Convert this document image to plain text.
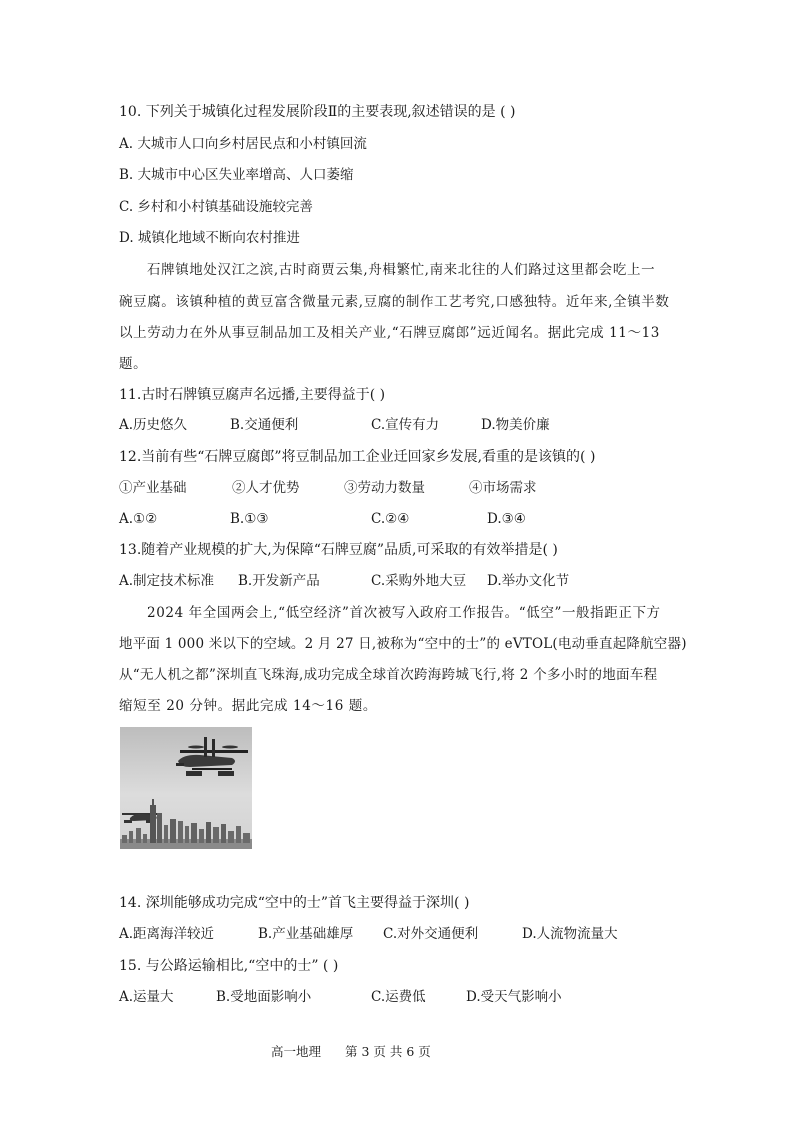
10. 下列关于城镇化过程发展阶段Ⅱ的主要表现,叙述错误的是 ( )
A. 大城市人口向乡村居民点和小村镇回流
B. 大城市中心区失业率增高、人口萎缩
C. 乡村和小村镇基础设施较完善
D. 城镇化地域不断向农村推进
石牌镇地处汉江之滨,古时商贾云集,舟楫繁忙,南来北往的人们路过这里都会吃上一
碗豆腐。该镇种植的黄豆富含微量元素,豆腐的制作工艺考究,口感独特。近年来,全镇半数
以上劳动力在外从事豆制品加工及相关产业,“石牌豆腐郎”远近闻名。据此完成 11～13
题。
11.古时石牌镇豆腐声名远播,主要得益于( )
A.历史悠久	B.交通便利	C.宣传有力	D.物美价廉
12.当前有些“石牌豆腐郎”将豆制品加工企业迁回家乡发展,看重的是该镇的( )
①产业基础	②人才优势	③劳动力数量	④市场需求
A.①②	B.①③	C.②④	D.③④
13.随着产业规模的扩大,为保障“石牌豆腐”品质,可采取的有效举措是( )
A.制定技术标准 B.开发新产品	C.采购外地大豆 D.举办文化节
2024 年全国两会上,“低空经济”首次被写入政府工作报告。“低空”一般指距正下方
地平面 1 000 米以下的空域。2 月 27 日,被称为“空中的士”的 eVTOL(电动垂直起降航空器)
从“无人机之都”深圳直飞珠海,成功完成全球首次跨海跨城飞行,将 2 个多小时的地面车程
缩短至 20 分钟。据此完成 14～16 题。
14. 深圳能够成功完成“空中的士”首飞主要得益于深圳( )
A.距离海洋较近	B.产业基础雄厚 C.对外交通便利	D.人流物流量大
15. 与公路运输相比,“空中的士” ( )
A.运量大	B.受地面影响小	C.运费低	D.受天气影响小
高一地理 第 3 页 共 6 页
